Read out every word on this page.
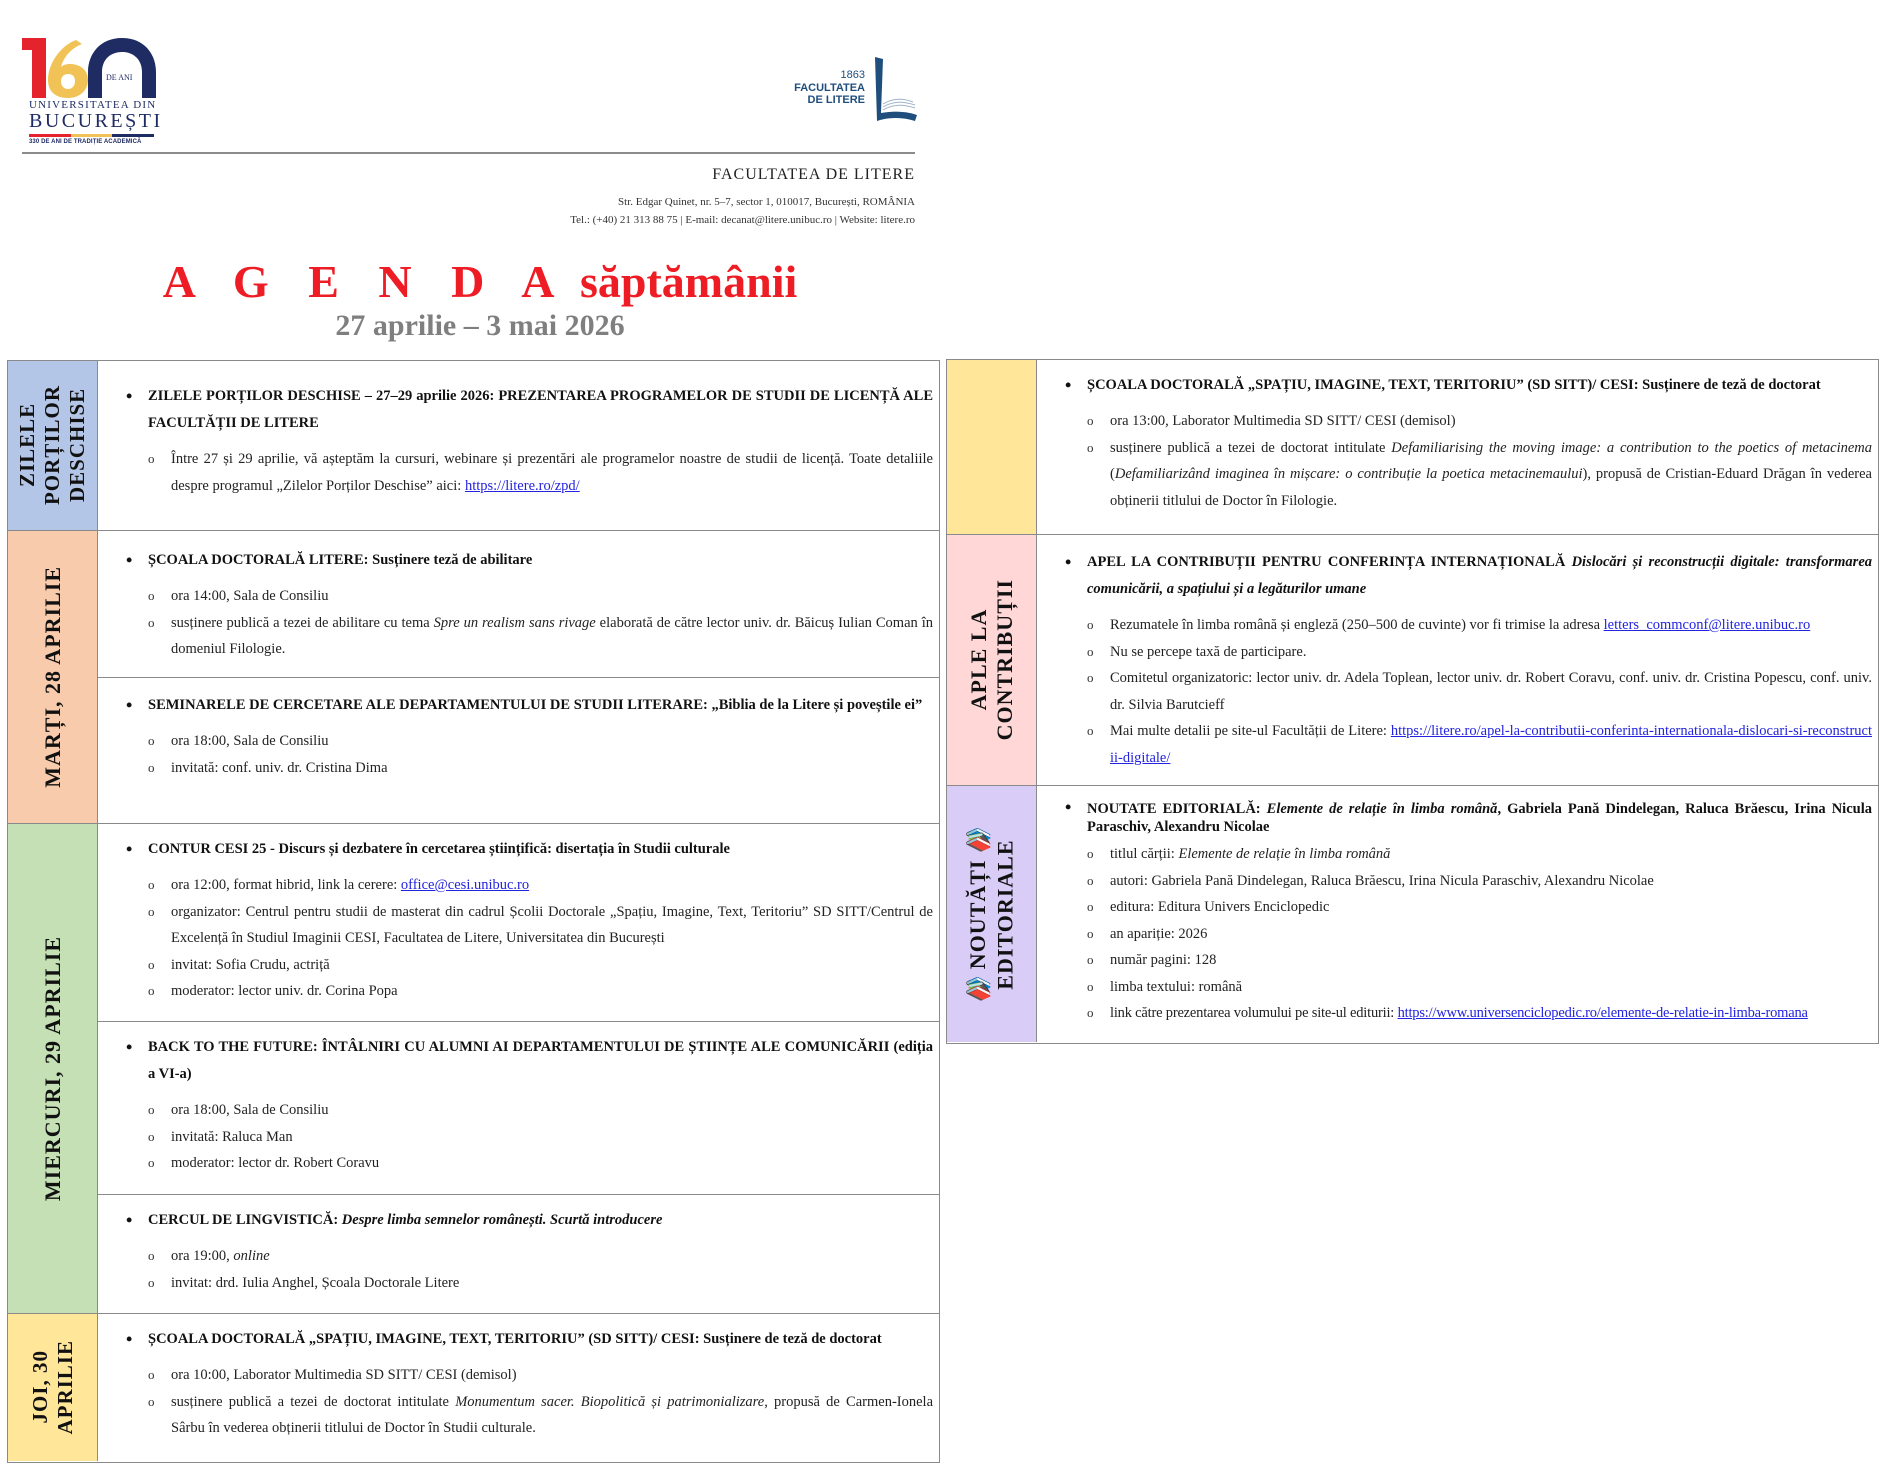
DE ANI
UNIVERSITATEA DIN
BUCUREȘTI
330 DE ANI DE TRADIȚIE ACADEMICĂ
1863
FACULTATEA
DE LITERE
FACULTATEA DE LITERE
Str. Edgar Quinet, nr. 5–7, sector 1, 010017, București, ROMÂNIA
Tel.: (+40) 21 313 88 75 | E-mail: decanat@litere.unibuc.ro | Website: litere.ro
A G E N D A săptămânii
27 aprilie – 3 mai 2026
ZILELE
PORȚILOR
DESCHISE	• ZILELE PORȚILOR DESCHISE – 27–29 aprilie 2026: PREZENTAREA PROGRAMELOR DE STUDII DE LICENȚĂ ALE FACULTĂȚII DE LITERE
o Între 27 și 29 aprilie, vă așteptăm la cursuri, webinare și prezentări ale programelor noastre de studii de licență. Toate detaliile despre programul „Zilelor Porților Deschise” aici: https://litere.ro/zpd/
MARȚI, 28 APRILIE
• ȘCOALA DOCTORALĂ LITERE: Susținere teză de abilitare
o ora 14:00, Sala de Consiliu
o susținere publică a tezei de abilitare cu tema Spre un realism sans rivage elaborată de către lector univ. dr. Băicuș Iulian Coman în domeniul Filologie.
• SEMINARELE DE CERCETARE ALE DEPARTAMENTULUI DE STUDII LITERARE: „Biblia de la Litere și poveștile ei”
o ora 18:00, Sala de Consiliu
o invitată: conf. univ. dr. Cristina Dima
MIERCURI, 29 APRILIE
• CONTUR CESI 25 - Discurs și dezbatere în cercetarea științifică: disertația în Studii culturale
o ora 12:00, format hibrid, link la cerere: office@cesi.unibuc.ro
o organizator: Centrul pentru studii de masterat din cadrul Școlii Doctorale „Spațiu, Imagine, Text, Teritoriu” SD SITT/Centrul de Excelență în Studiul Imaginii CESI, Facultatea de Litere, Universitatea din București
o invitat: Sofia Crudu, actriță
o moderator: lector univ. dr. Corina Popa
• BACK TO THE FUTURE: ÎNTÂLNIRI CU ALUMNI AI DEPARTAMENTULUI DE ȘTIINȚE ALE COMUNICĂRII (ediția a VI-a)
o ora 18:00, Sala de Consiliu
o invitată: Raluca Man
o moderator: lector dr. Robert Coravu
• CERCUL DE LINGVISTICĂ: Despre limba semnelor românești. Scurtă introducere
o ora 19:00, online
o invitat: drd. Iulia Anghel, Școala Doctorale Litere
JOI, 30
APRILIE
• ȘCOALA DOCTORALĂ „SPAȚIU, IMAGINE, TEXT, TERITORIU” (SD SITT)/ CESI: Susținere de teză de doctorat
o ora 10:00, Laborator Multimedia SD SITT/ CESI (demisol)
o susținere publică a tezei de doctorat intitulate Monumentum sacer. Biopolitică și patrimonializare, propusă de Carmen-Ionela Sârbu în vederea obținerii titlului de Doctor în Studii culturale.
• ȘCOALA DOCTORALĂ „SPAȚIU, IMAGINE, TEXT, TERITORIU” (SD SITT)/ CESI: Susținere de teză de doctorat
o ora 13:00, Laborator Multimedia SD SITT/ CESI (demisol)
o susținere publică a tezei de doctorat intitulate Defamiliarising the moving image: a contribution to the poetics of metacinema (Defamiliarizând imaginea în mișcare: o contribuție la poetica metacinemaului), propusă de Cristian-Eduard Drăgan în vederea obținerii titlului de Doctor în Filologie.
APLE LA
CONTRIBUȚII
• APEL LA CONTRIBUȚII PENTRU CONFERINȚA INTERNAȚIONALĂ Dislocări și reconstrucții digitale: transformarea comunicării, a spațiului și a legăturilor umane
o Rezumatele în limba română și engleză (250–500 de cuvinte) vor fi trimise la adresa letters_commconf@litere.unibuc.ro
o Nu se percepe taxă de participare.
o Comitetul organizatoric: lector univ. dr. Adela Toplean, lector univ. dr. Robert Coravu, conf. univ. dr. Cristina Popescu, conf. univ. dr. Silvia Barutcieff
o Mai multe detalii pe site-ul Facultății de Litere: https://litere.ro/apel-la-contributii-conferinta-internationala-dislocari-si-reconstructii-digitale/
📚 NOUTĂȚI 📚
EDITORIALE
• NOUTATE EDITORIALĂ: Elemente de relație în limba română, Gabriela Pană Dindelegan, Raluca Brăescu, Irina Nicula Paraschiv, Alexandru Nicolae
o titlul cărții: Elemente de relație în limba română
o autori: Gabriela Pană Dindelegan, Raluca Brăescu, Irina Nicula Paraschiv, Alexandru Nicolae
o editura: Editura Univers Enciclopedic
o an apariție: 2026
o număr pagini: 128
o limba textului: română
o link către prezentarea volumului pe site-ul editurii: https://www.universenciclopedic.ro/elemente-de-relatie-in-limba-romana
